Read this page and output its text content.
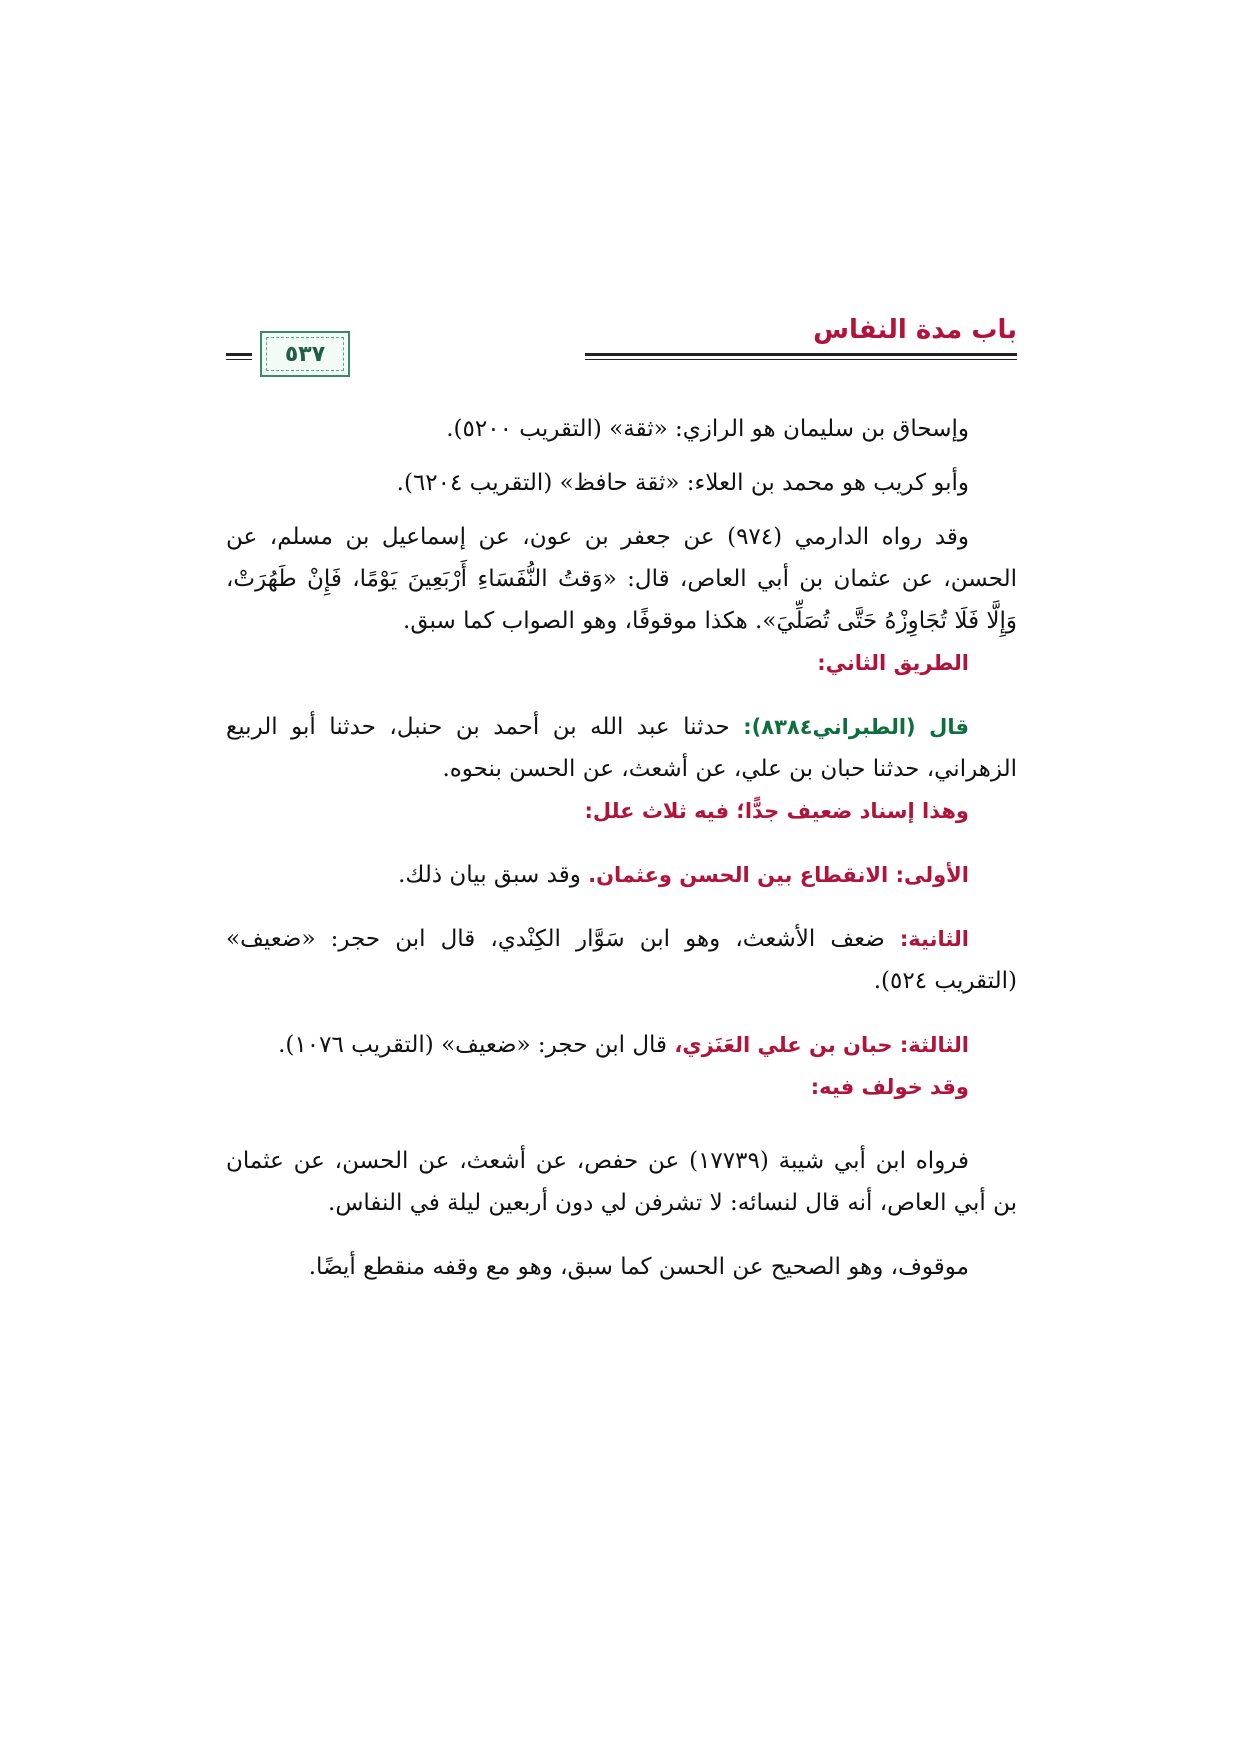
باب مدة النفاس
٥٣٧

وإسحاق بن سليمان هو الرازي: «ثقة» (التقريب ٥٢٠٠).

وأبو كريب هو محمد بن العلاء: «ثقة حافظ» (التقريب ٦٢٠٤).

وقد رواه الدارمي (٩٧٤) عن جعفر بن عون، عن إسماعيل بن مسلم، عن الحسن، عن عثمان بن أبي العاص، قال: «وَقتُ النُّفَسَاءِ أَرْبَعِينَ يَوْمًا، فَإِنْ طَهُرَتْ، وَإِلَّا فَلَا تُجَاوِزْهُ حَتَّى تُصَلِّيَ». هكذا موقوفًا، وهو الصواب كما سبق.

الطريق الثاني:

قال (الطبراني٨٣٨٤): حدثنا عبد الله بن أحمد بن حنبل، حدثنا أبو الربيع الزهراني، حدثنا حبان بن علي، عن أشعث، عن الحسن بنحوه.

وهذا إسناد ضعيف جدًّا؛ فيه ثلاث علل:

الأولى: الانقطاع بين الحسن وعثمان. وقد سبق بيان ذلك.

الثانية: ضعف الأشعث، وهو ابن سَوَّار الكِنْدي، قال ابن حجر: «ضعيف» (التقريب ٥٢٤).

الثالثة: حبان بن علي العَنَزي، قال ابن حجر: «ضعيف» (التقريب ١٠٧٦).

وقد خولف فيه:

فرواه ابن أبي شيبة (١٧٧٣٩) عن حفص، عن أشعث، عن الحسن، عن عثمان بن أبي العاص، أنه قال لنسائه: لا تشرفن لي دون أربعين ليلة في النفاس.

موقوف، وهو الصحيح عن الحسن كما سبق، وهو مع وقفه منقطع أيضًا.
